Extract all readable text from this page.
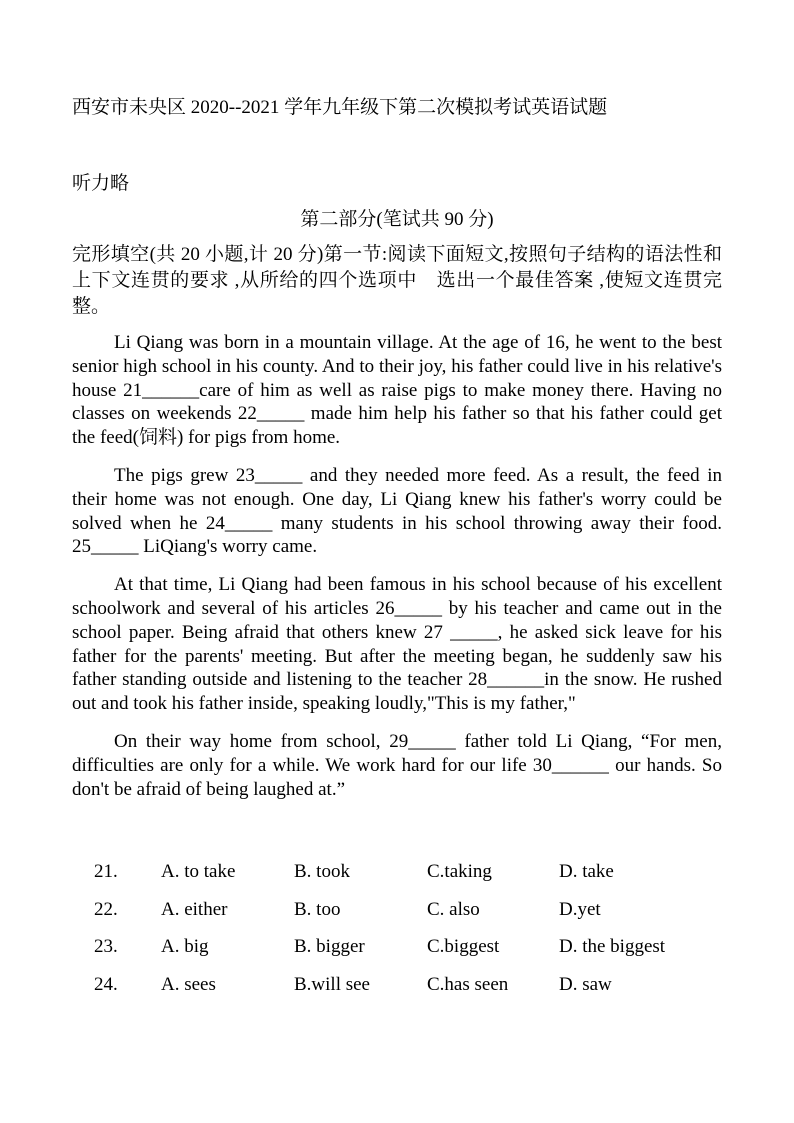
西安市未央区 2020--2021 学年九年级下第二次模拟考试英语试题
听力略
第二部分(笔试共 90 分)
完形填空(共 20 小题,计 20 分)第一节:阅读下面短文,按照句子结构的语法性和上下文连贯的要求 ,从所给的四个选项中　选出一个最佳答案 ,使短文连贯完整。

Li Qiang was born in a mountain village. At the age of 16, he went to the best senior high school in his county. And to their joy, his father could live in his relative's house 21______care of him as well as raise pigs to make money there. Having no classes on weekends 22_____ made him help his father so that his father could get the feed(饲料) for pigs from home.

The pigs grew 23_____ and they needed more feed. As a result, the feed in their home was not enough. One day, Li Qiang knew his father's worry could be solved when he 24_____ many students in his school throwing away their food. 25_____ LiQiang's worry came.

At that time, Li Qiang had been famous in his school because of his excellent schoolwork and several of his articles 26_____ by his teacher and came out in the school paper. Being afraid that others knew 27 _____, he asked sick leave for his father for the parents' meeting. But after the meeting began, he suddenly saw his father standing outside and listening to the teacher 28______in the snow. He rushed out and took his father inside, speaking loudly,"This is my father,"

On their way home from school, 29_____ father told Li Qiang, “For men, difficulties are only for a while. We work hard for our life 30______ our hands. So don't be afraid of being laughed at.”

21. A. to take	B. took	C.taking	D. take
22. A. either	B. too	C. also	D.yet
23. A. big	B. bigger	C.biggest	D. the biggest
24. A. sees	B.will see	C.has seen	D. saw
